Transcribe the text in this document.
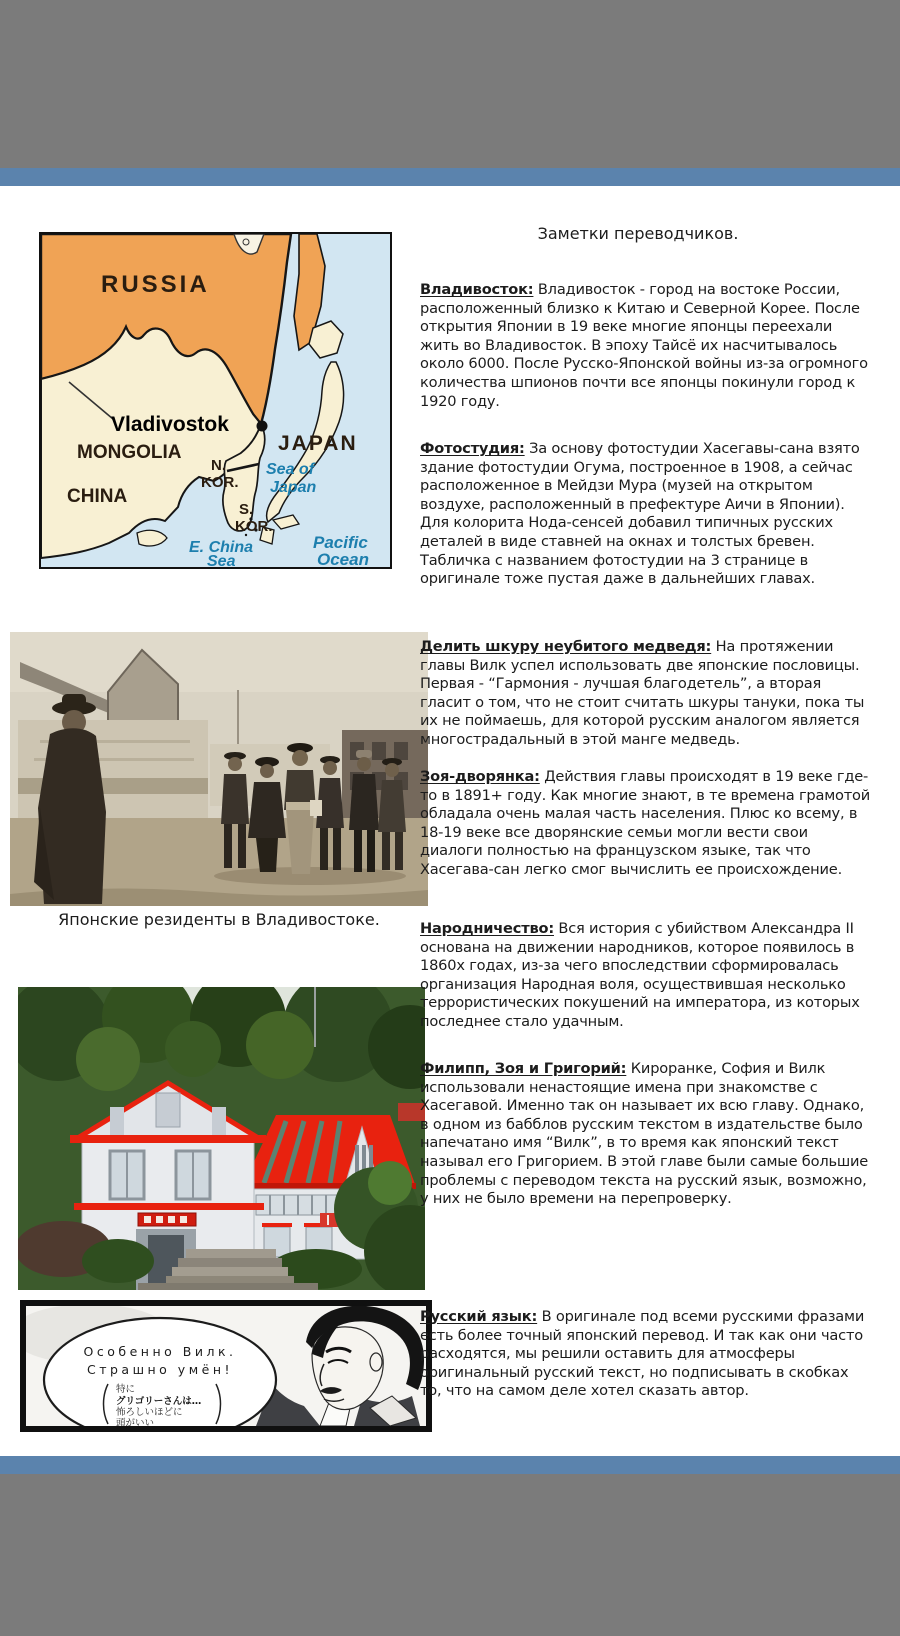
Заметки переводчиков.
RUSSIA
Vladivostok
MONGOLIA
CHINA
JAPAN
N.
KOR.
S.
KOR.
Sea of
Japan
E. China
Sea
Pacific
Ocean
Японские резиденты в Владивостоке.
Особенно Вилк.
Страшно умён!
特に
グリゴリーさんは…
怖ろしいほどに
頭がいい
Владивосток: Владивосток - город на востоке России, расположенный близко к Китаю и Северной Корее. После открытия Японии в 19 веке многие японцы переехали жить во Владивосток. В эпоху Тайсё их насчитывалось около 6000. После Русско-Японской войны из-за огромного количества шпионов почти все японцы покинули город к 1920 году.
Фотостудия: За основу фотостудии Хасегавы-сана взято здание фотостудии Огума, построенное в 1908, а сейчас расположенное в Мейдзи Мура (музей на открытом воздухе, расположенный в префектуре Аичи в Японии). Для колорита Нода-сенсей добавил типичных русских деталей в виде ставней на окнах и толстых бревен. Табличка с названием фотостудии на 3 странице в оригинале тоже пустая даже в дальнейших главах.
Делить шкуру неубитого медведя: На протяжении главы Вилк успел использовать две японские пословицы. Первая - “Гармония - лучшая благодетель”, а вторая гласит о том, что не стоит считать шкуры тануки, пока ты их не поймаешь, для которой русским аналогом является многострадальный в этой манге медведь.
Зоя-дворянка: Действия главы происходят в 19 веке где-то в 1891+ году. Как многие знают, в те времена грамотой обладала очень малая часть населения. Плюс ко всему, в 18-19 веке все дворянские семьи могли вести свои диалоги полностью на французском языке, так что Хасегава-сан легко смог вычислить ее происхождение.
Народничество: Вся история с убийством Александра II основана на движении народников, которое появилось в 1860х годах, из-за чего впоследствии сформировалась организация Народная воля, осуществившая несколько террористических покушений на императора, из которых последнее стало удачным.
Филипп, Зоя и Григорий: Кироранке, София и Вилк использовали ненастоящие имена при знакомстве с Хасегавой. Именно так он называет их всю главу. Однако, в одном из бабблов русским текстом в издательстве было напечатано имя “Вилк”, в то время как японский текст называл его Григорием. В этой главе были самые большие проблемы с переводом текста на русский язык, возможно, у них не было времени на перепроверку.
Русский язык: В оригинале под всеми русскими фразами есть более точный японский перевод. И так как они часто расходятся, мы решили оставить для атмосферы оригинальный русский текст, но подписывать в скобках то, что на самом деле хотел сказать автор.
